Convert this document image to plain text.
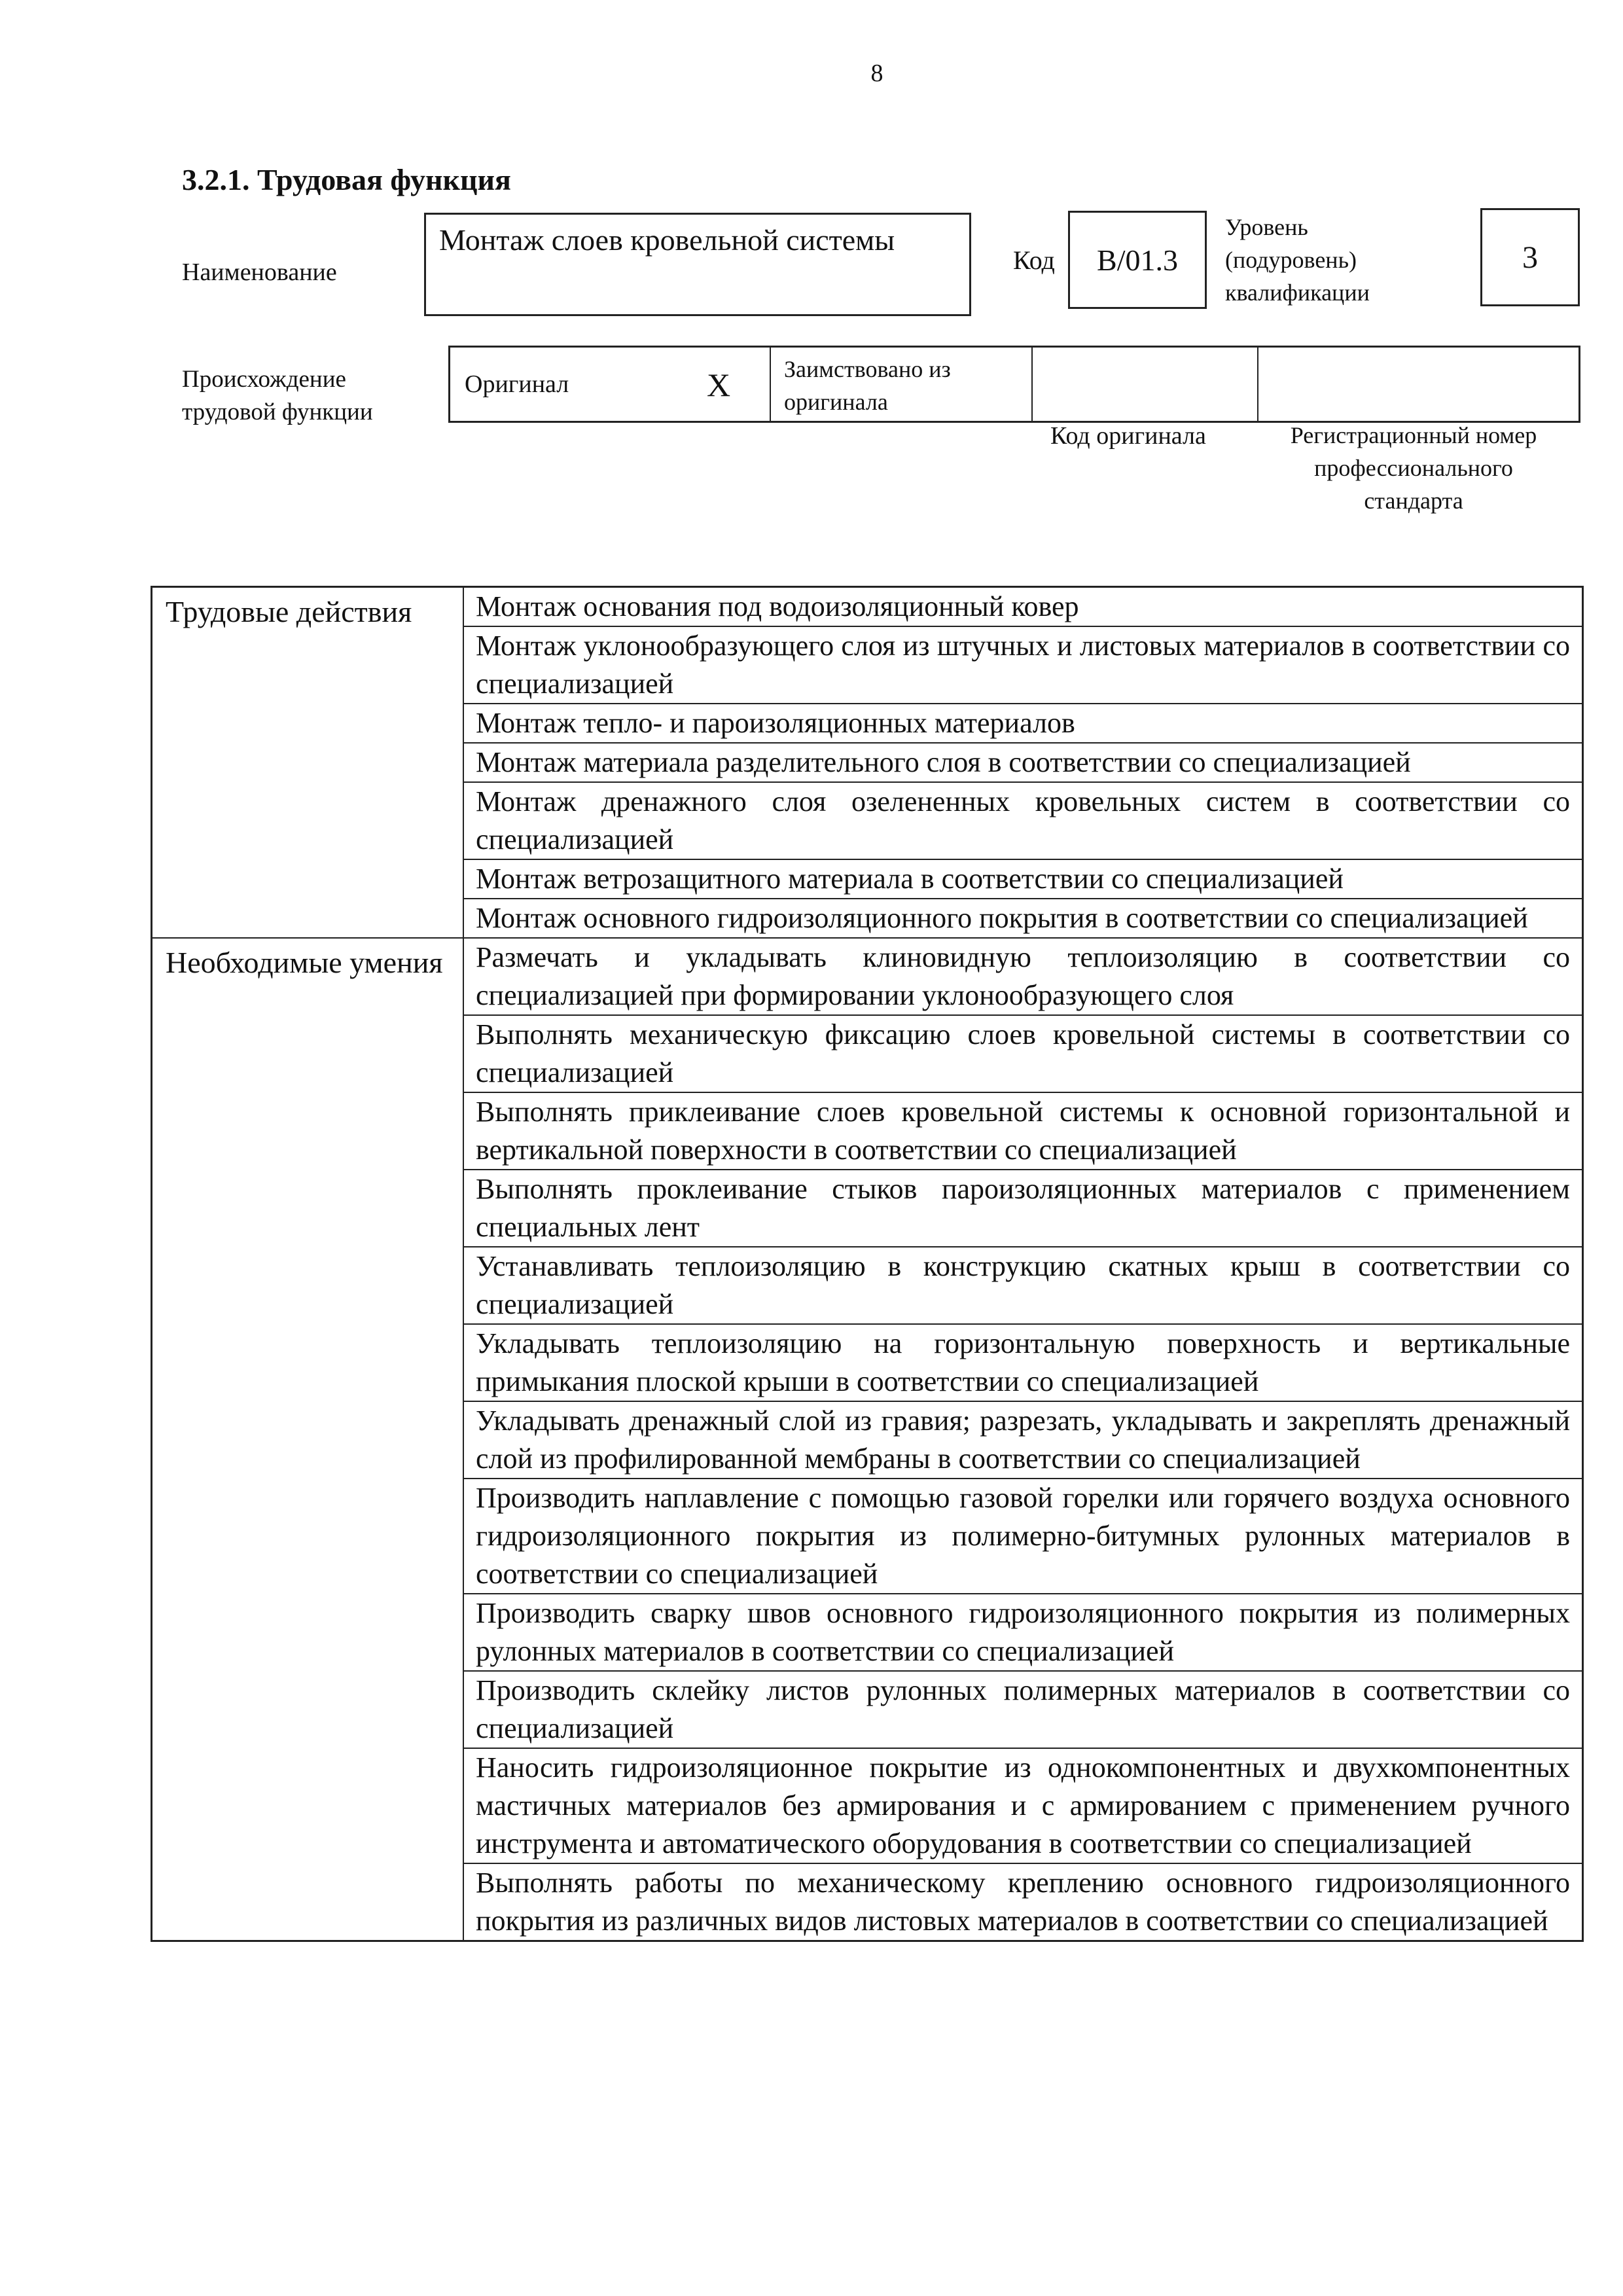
8
3.2.1. Трудовая функция
Наименование
Монтаж слоев кровельной системы
Код B/01.3
Уровень
(подуровень)
квалификации
3
Происхождение
трудовой функции
Оригинал	X Заимствовано из
оригинала
Код оригинала	Регистрационный номер
профессионального
стандарта
Трудовые действия	Монтаж основания под водоизоляционный ковер
	Монтаж уклонообразующего слоя из штучных и листовых материалов в соответствии со специализацией
	Монтаж тепло- и пароизоляционных материалов
	Монтаж материала разделительного слоя в соответствии со специализацией
	Монтаж дренажного слоя озелененных кровельных систем в соответствии со специализацией
	Монтаж ветрозащитного материала в соответствии со специализацией
	Монтаж основного гидроизоляционного покрытия в соответствии со специализацией
Необходимые умения	Размечать и укладывать клиновидную теплоизоляцию в соответствии со специализацией при формировании уклонообразующего слоя
	Выполнять механическую фиксацию слоев кровельной системы в соответствии со специализацией
	Выполнять приклеивание слоев кровельной системы к основной горизонтальной и вертикальной поверхности в соответствии со специализацией
	Выполнять проклеивание стыков пароизоляционных материалов с применением специальных лент
	Устанавливать теплоизоляцию в конструкцию скатных крыш в соответствии со специализацией
	Укладывать теплоизоляцию на горизонтальную поверхность и вертикальные примыкания плоской крыши в соответствии со специализацией
	Укладывать дренажный слой из гравия; разрезать, укладывать и закреплять дренажный слой из профилированной мембраны в соответствии со специализацией
	Производить наплавление с помощью газовой горелки или горячего воздуха основного гидроизоляционного покрытия из полимерно-битумных рулонных материалов в соответствии со специализацией
	Производить сварку швов основного гидроизоляционного покрытия из полимерных рулонных материалов в соответствии со специализацией
	Производить склейку листов рулонных полимерных материалов в соответствии со специализацией
	Наносить гидроизоляционное покрытие из однокомпонентных и двухкомпонентных мастичных материалов без армирования и с армированием с применением ручного инструмента и автоматического оборудования в соответствии со специализацией
	Выполнять работы по механическому креплению основного гидроизоляционного покрытия из различных видов листовых материалов в соответствии со специализацией
